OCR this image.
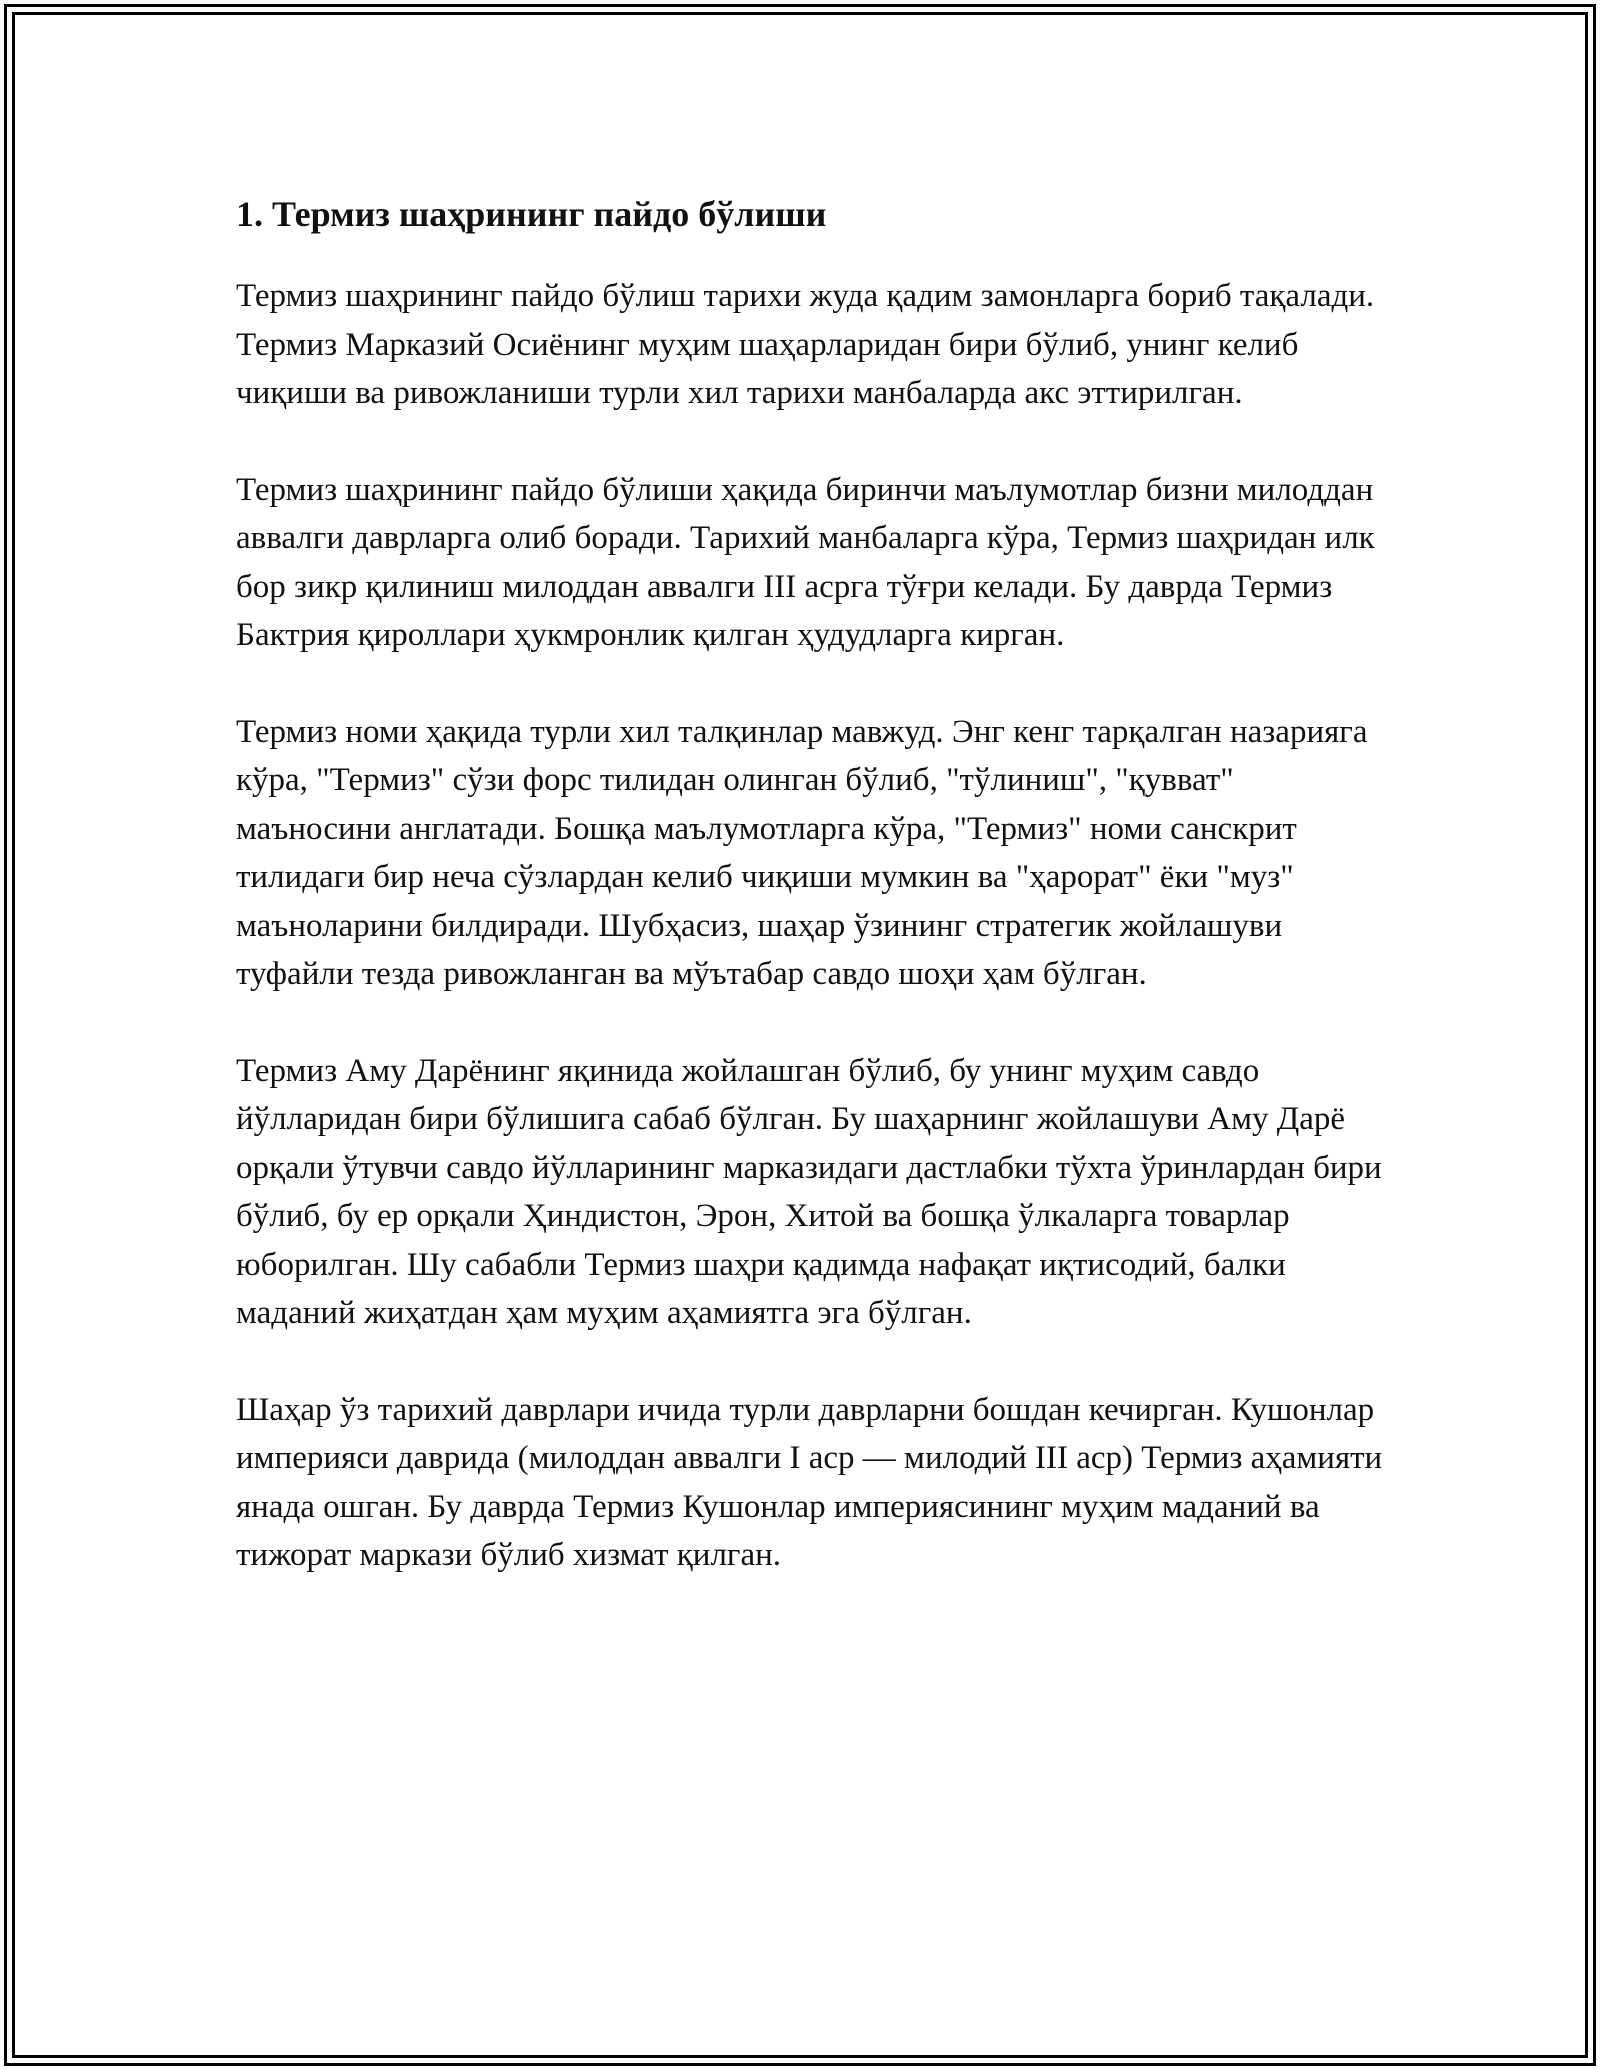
1. Термиз шаҳрининг пайдо бўлиши

Термиз шаҳрининг пайдо бўлиш тарихи жуда қадим замонларга бориб тақалади. Термиз Марказий Осиёнинг муҳим шаҳарларидан бири бўлиб, унинг келиб чиқиши ва ривожланиши турли хил тарихи манбаларда акс эттирилган.

Термиз шаҳрининг пайдо бўлиши ҳақида биринчи маълумотлар бизни милоддан аввалги даврларга олиб боради. Тарихий манбаларга кўра, Термиз шаҳридан илк бор зикр қилиниш милоддан аввалги III асрга тўғри келади. Бу даврда Термиз Бактрия қироллари ҳукмронлик қилган ҳудудларга кирган.

Термиз номи ҳақида турли хил талқинлар мавжуд. Энг кенг тарқалган назарияга кўра, "Термиз" сўзи форс тилидан олинган бўлиб, "тўлиниш", "қувват" маъносини англатади. Бошқа маълумотларга кўра, "Термиз" номи санскрит тилидаги бир неча сўзлардан келиб чиқиши мумкин ва "ҳарорат" ёки "муз" маъноларини билдиради. Шубҳасиз, шаҳар ўзининг стратегик жойлашуви туфайли тезда ривожланган ва мўътабар савдо шоҳи ҳам бўлган.

Термиз Аму Дарёнинг яқинида жойлашган бўлиб, бу унинг муҳим савдо йўлларидан бири бўлишига сабаб бўлган. Бу шаҳарнинг жойлашуви Аму Дарё орқали ўтувчи савдо йўлларининг марказидаги дастлабки тўхта ўринлардан бири бўлиб, бу ер орқали Ҳиндистон, Эрон, Хитой ва бошқа ўлкаларга товарлар юборилган. Шу сабабли Термиз шаҳри қадимда нафақат иқтисодий, балки маданий жиҳатдан ҳам муҳим аҳамиятга эга бўлган.

Шаҳар ўз тарихий даврлари ичида турли даврларни бошдан кечирган. Кушонлар империяси даврида (милоддан аввалги I аср — милодий III аср) Термиз аҳамияти янада ошган. Бу даврда Термиз Кушонлар империясининг муҳим маданий ва тижорат маркази бўлиб хизмат қилган.
